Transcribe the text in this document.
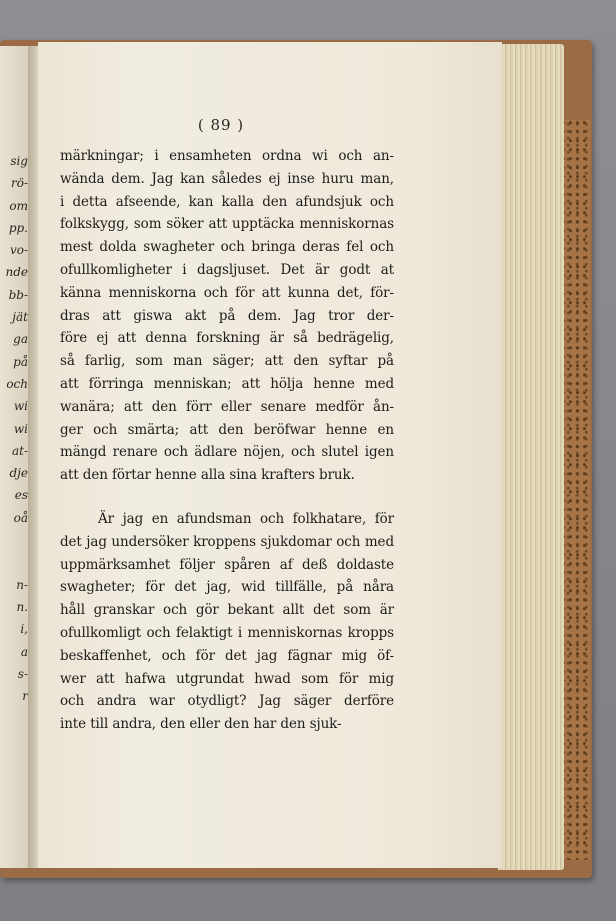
sig
rö-
om
pp.
vo-
nde
bb-
jät
ga
på
och
wi
wi
at-
dje
es
oå
n-
n.
i,
a
s-
r
( 89 )
märkningar; i ensamheten ordna wi och an-
wända dem. Jag kan således ej inse huru man,
i detta afseende, kan kalla den afundsjuk och
folkskygg, som söker att upptäcka menniskornas
mest dolda swagheter och bringa deras fel och
ofullkomligheter i dagsljuset. Det är godt at
känna menniskorna och för att kunna det, för-
dras att giswa akt på dem. Jag tror der-
före ej att denna forskning är så bedrägelig,
så farlig, som man säger; att den syftar på
att förringa menniskan; att hölja henne med
wanära; att den förr eller senare medför ån-
ger och smärta; att den beröfwar henne en
mängd renare och ädlare nöjen, och slutel igen
att den förtar henne alla sina krafters bruk.
Är jag en afundsman och folkhatare, för
det jag undersöker kroppens sjukdomar och med
uppmärksamhet följer spåren af deß doldaste
swagheter; för det jag, wid tillfälle, på nåra
håll granskar och gör bekant allt det som är
ofullkomligt och felaktigt i menniskornas kropps
beskaffenhet, och för det jag fägnar mig öf-
wer att hafwa utgrundat hwad som för mig
och andra war otydligt? Jag säger derföre
inte till andra, den eller den har den sjuk-
